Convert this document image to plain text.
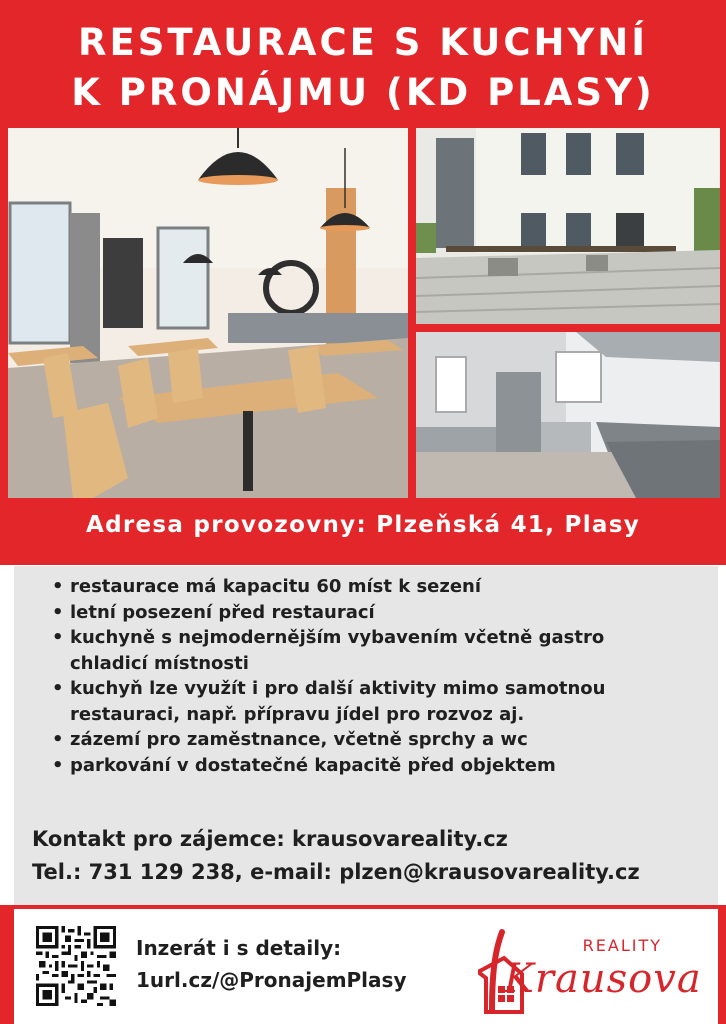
RESTAURACE S KUCHYNÍ
K PRONÁJMU (KD PLASY)
Adresa provozovny: Plzeňská 41, Plasy
• restaurace má kapacitu 60 míst k sezení
• letní posezení před restaurací
• kuchyně s nejmodernějším vybavením včetně gastro
chladicí místnosti
• kuchyň lze využít i pro další aktivity mimo samotnou
restauraci, např. přípravu jídel pro rozvoz aj.
• zázemí pro zaměstnance, včetně sprchy a wc
• parkování v dostatečné kapacitě před objektem
Kontakt pro zájemce: krausovareality.cz
Tel.: 731 129 238, e-mail: plzen@krausovareality.cz
Inzerát i s detaily:
1url.cz/@PronajemPlasy
REALITY
Krausova
